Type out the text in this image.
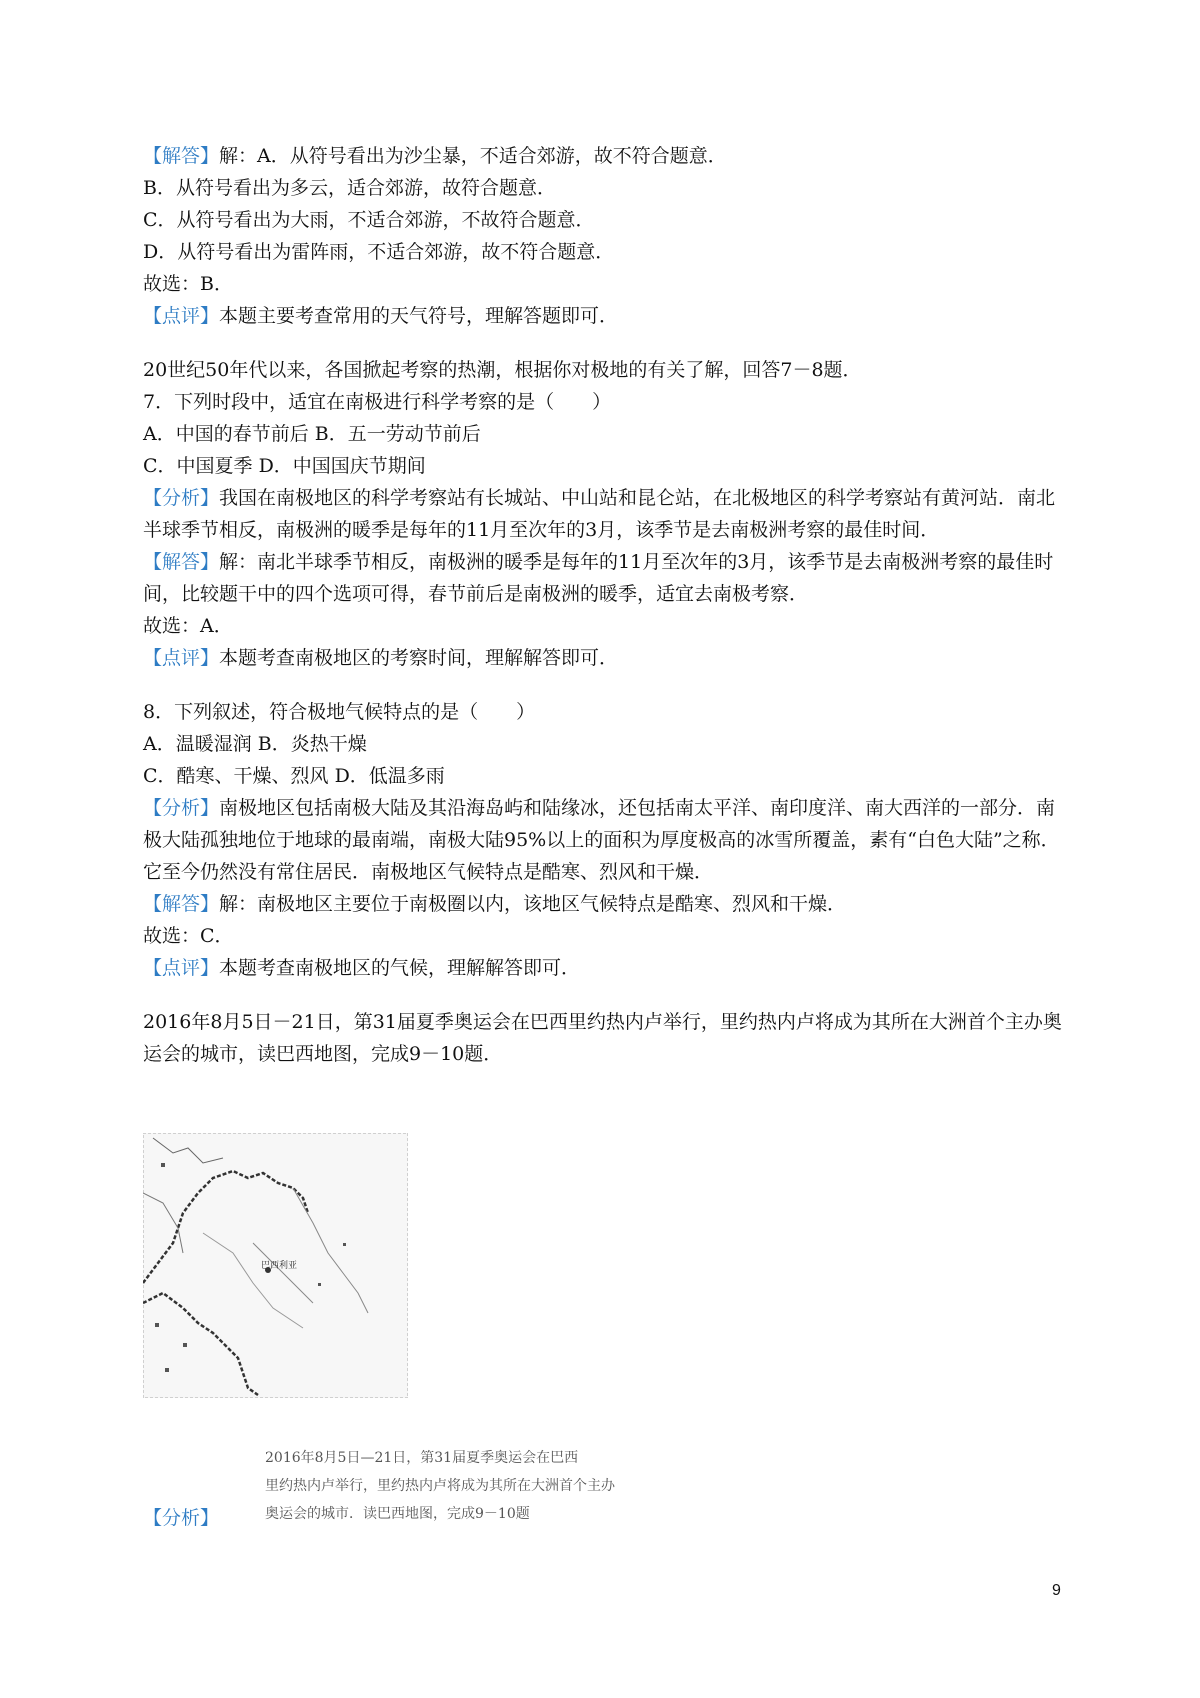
【解答】解：A．从符号看出为沙尘暴，不适合郊游，故不符合题意．
B．从符号看出为多云，适合郊游，故符合题意．
C．从符号看出为大雨，不适合郊游，不故符合题意．
D．从符号看出为雷阵雨，不适合郊游，故不符合题意．
故选：B．
【点评】本题主要考查常用的天气符号，理解答题即可．
20世纪50年代以来，各国掀起考察的热潮，根据你对极地的有关了解，回答7－8题．
7．下列时段中，适宜在南极进行科学考察的是（　　）
A．中国的春节前后 B．五一劳动节前后
C．中国夏季 D．中国国庆节期间
【分析】我国在南极地区的科学考察站有长城站、中山站和昆仑站，在北极地区的科学考察站有黄河站．南北半球季节相反，南极洲的暖季是每年的11月至次年的3月，该季节是去南极洲考察的最佳时间．
【解答】解：南北半球季节相反，南极洲的暖季是每年的11月至次年的3月，该季节是去南极洲考察的最佳时间，比较题干中的四个选项可得，春节前后是南极洲的暖季，适宜去南极考察．
故选：A．
【点评】本题考查南极地区的考察时间，理解解答即可．
8．下列叙述，符合极地气候特点的是（　　）
A．温暖湿润 B．炎热干燥
C．酷寒、干燥、烈风 D．低温多雨
【分析】南极地区包括南极大陆及其沿海岛屿和陆缘冰，还包括南太平洋、南印度洋、南大西洋的一部分．南极大陆孤独地位于地球的最南端，南极大陆95%以上的面积为厚度极高的冰雪所覆盖，素有“白色大陆”之称．它至今仍然没有常住居民．南极地区气候特点是酷寒、烈风和干燥．
【解答】解：南极地区主要位于南极圈以内，该地区气候特点是酷寒、烈风和干燥．
故选：C．
【点评】本题考查南极地区的气候，理解解答即可．
2016年8月5日－21日，第31届夏季奥运会在巴西里约热内卢举行，里约热内卢将成为其所在大洲首个主办奥运会的城市，读巴西地图，完成9－10题．
巴西利亚
2016年8月5日—21日，第31届夏季奥运会在巴西
里约热内卢举行，里约热内卢将成为其所在大洲首个主办
奥运会的城市．读巴西地图，完成9－10题
【分析】
9
